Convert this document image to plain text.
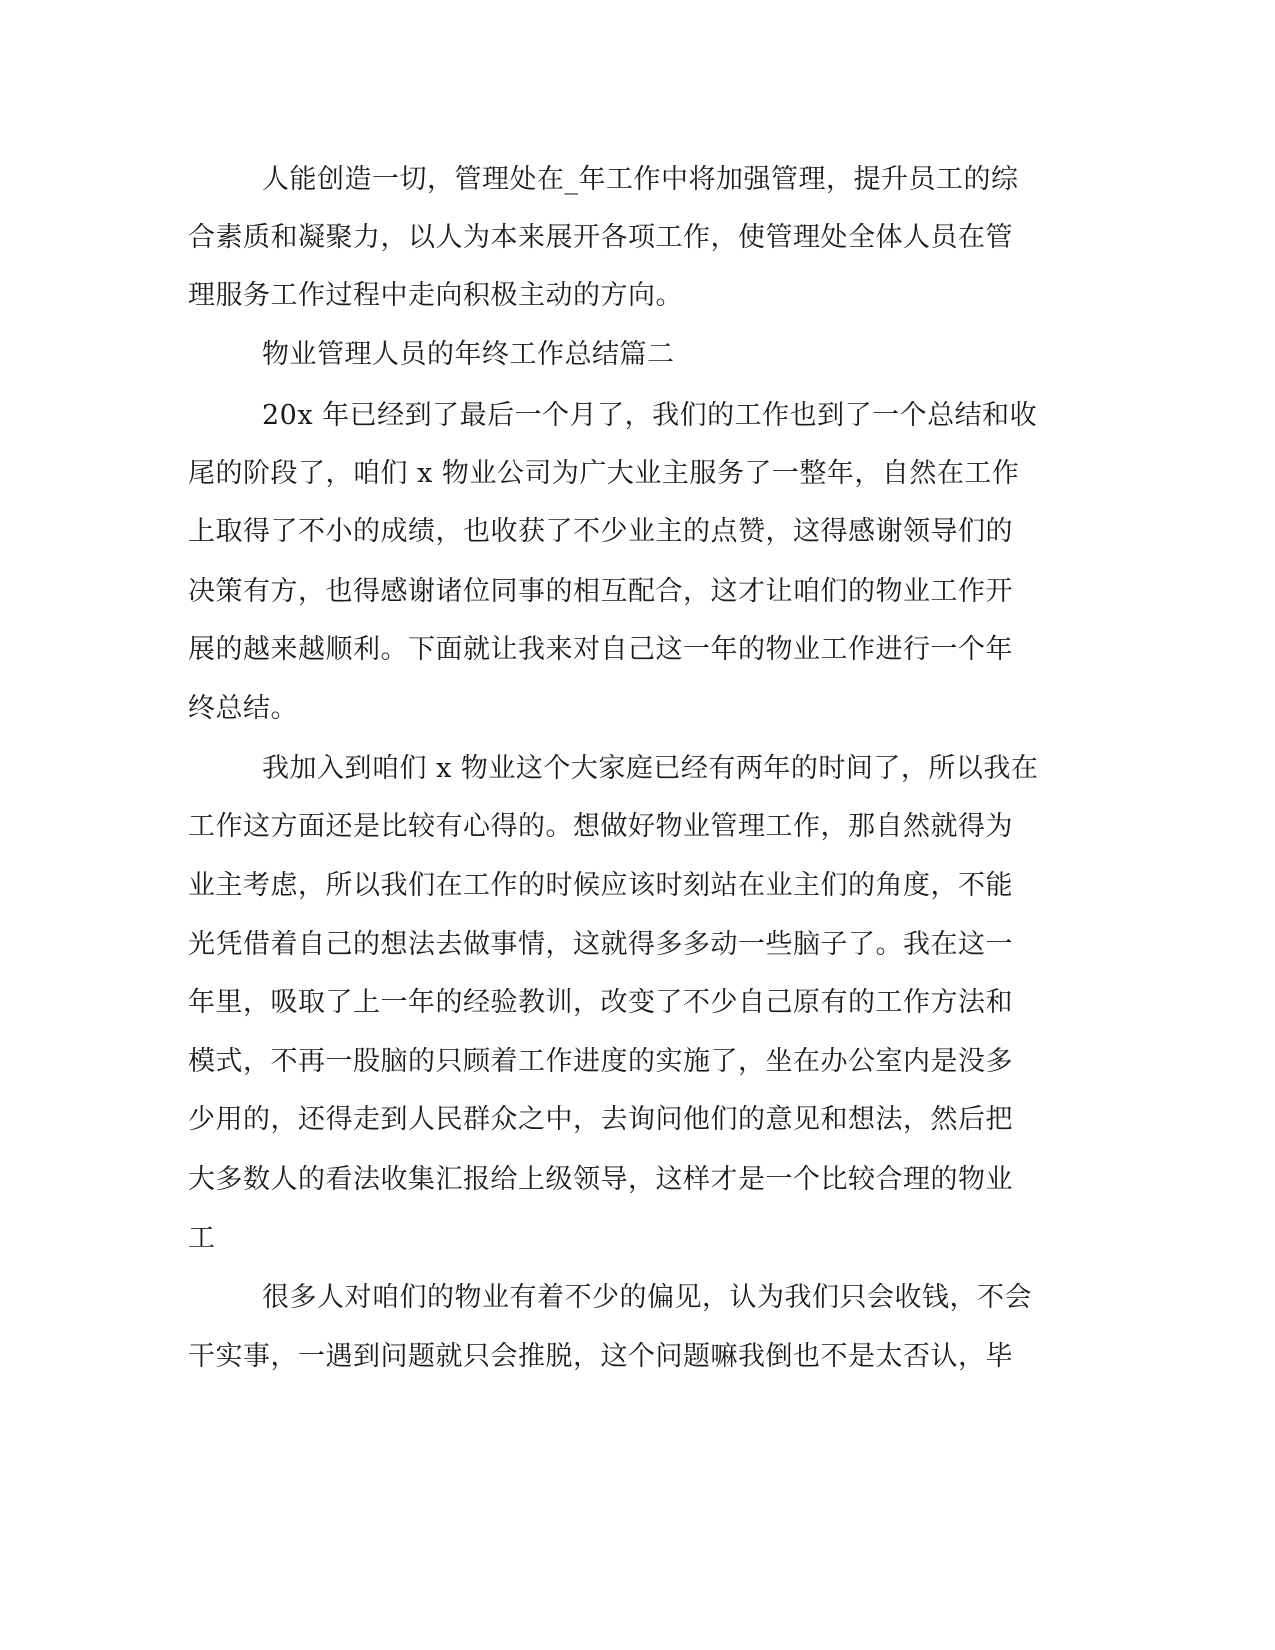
人能创造一切，管理处在_年工作中将加强管理，提升员工的综
合素质和凝聚力，以人为本来展开各项工作，使管理处全体人员在管
理服务工作过程中走向积极主动的方向。
物业管理人员的年终工作总结篇二
20x 年已经到了最后一个月了，我们的工作也到了一个总结和收
尾的阶段了，咱们 x 物业公司为广大业主服务了一整年，自然在工作
上取得了不小的成绩，也收获了不少业主的点赞，这得感谢领导们的
决策有方，也得感谢诸位同事的相互配合，这才让咱们的物业工作开
展的越来越顺利。下面就让我来对自己这一年的物业工作进行一个年
终总结。
我加入到咱们 x 物业这个大家庭已经有两年的时间了，所以我在
工作这方面还是比较有心得的。想做好物业管理工作，那自然就得为
业主考虑，所以我们在工作的时候应该时刻站在业主们的角度，不能
光凭借着自己的想法去做事情，这就得多多动一些脑子了。我在这一
年里，吸取了上一年的经验教训，改变了不少自己原有的工作方法和
模式，不再一股脑的只顾着工作进度的实施了，坐在办公室内是没多
少用的，还得走到人民群众之中，去询问他们的意见和想法，然后把
大多数人的看法收集汇报给上级领导，这样才是一个比较合理的物业
工
很多人对咱们的物业有着不少的偏见，认为我们只会收钱，不会
干实事，一遇到问题就只会推脱，这个问题嘛我倒也不是太否认，毕
